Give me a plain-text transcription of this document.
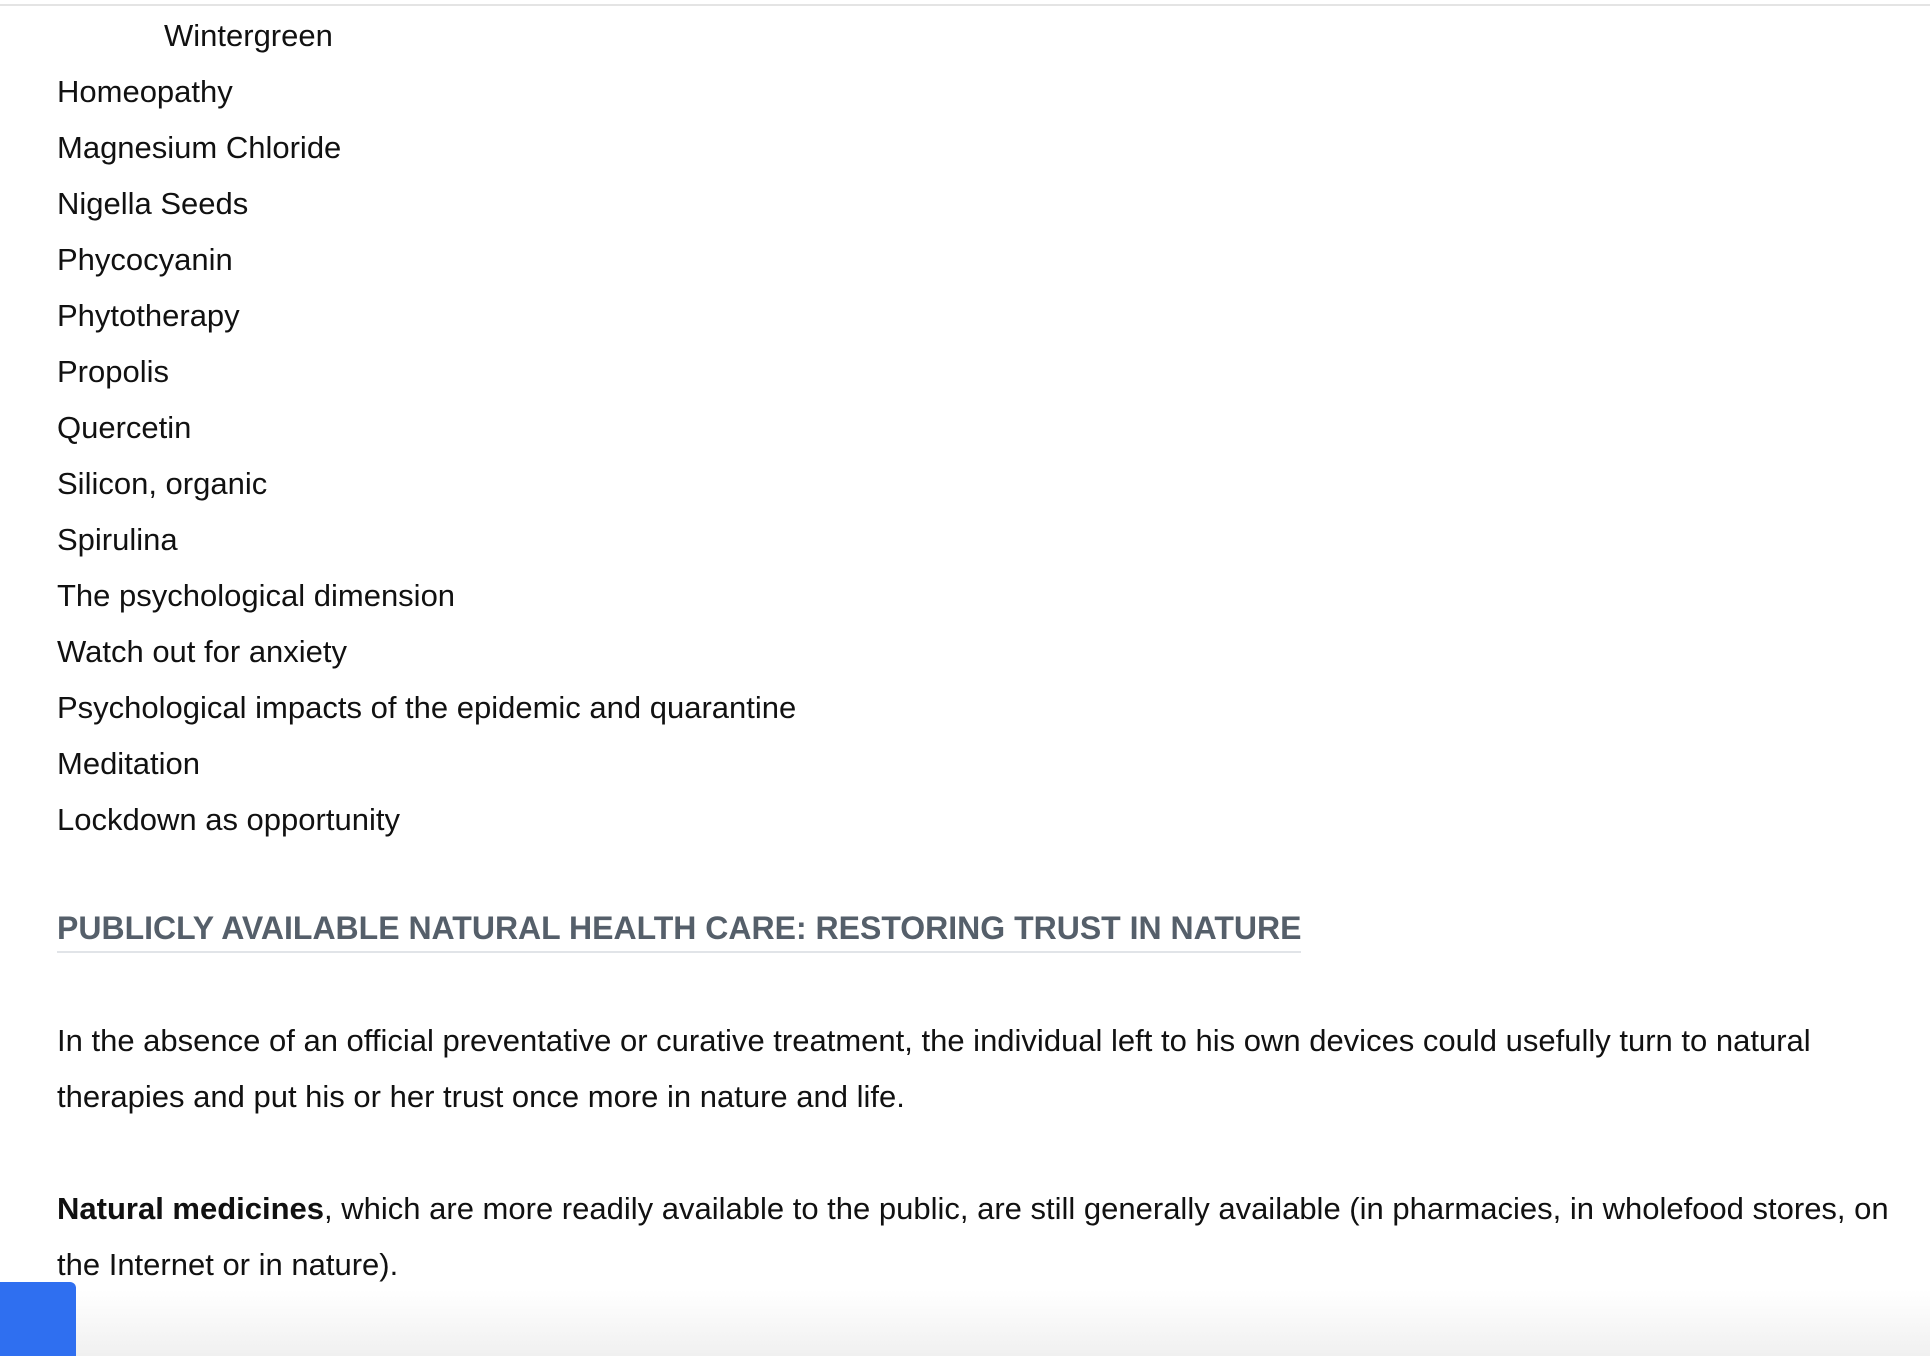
Wintergreen
Homeopathy
Magnesium Chloride
Nigella Seeds
Phycocyanin
Phytotherapy
Propolis
Quercetin
Silicon, organic
Spirulina
The psychological dimension
Watch out for anxiety
Psychological impacts of the epidemic and quarantine
Meditation
Lockdown as opportunity
PUBLICLY AVAILABLE NATURAL HEALTH CARE: RESTORING TRUST IN NATURE

In the absence of an official preventative or curative treatment, the individual left to his own devices could usefully turn to natural therapies and put his or her trust once more in nature and life.

Natural medicines, which are more readily available to the public, are still generally available (in pharmacies, in wholefood stores, on the Internet or in nature).
